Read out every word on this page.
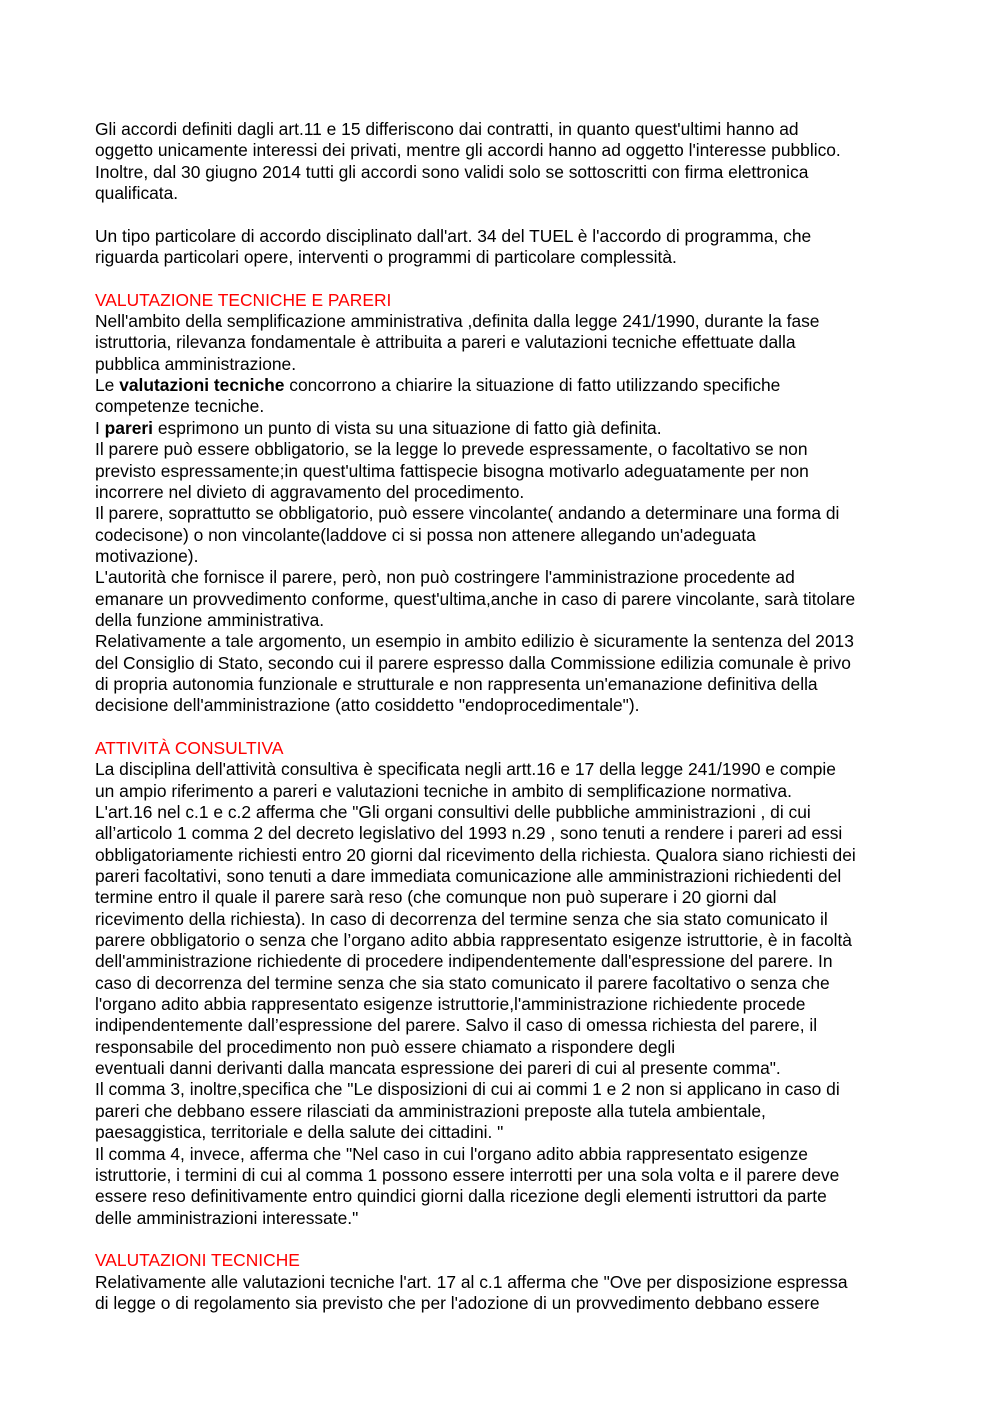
Gli accordi definiti dagli art.11 e 15 differiscono dai contratti, in quanto quest'ultimi hanno ad
oggetto unicamente interessi dei privati, mentre gli accordi hanno ad oggetto l'interesse pubblico.
Inoltre, dal 30 giugno 2014 tutti gli accordi sono validi solo se sottoscritti con firma elettronica
qualificata.
Un tipo particolare di accordo disciplinato dall'art. 34 del TUEL è l'accordo di programma, che
riguarda particolari opere, interventi o programmi di particolare complessità.
VALUTAZIONE TECNICHE E PARERI
Nell'ambito della semplificazione amministrativa ,definita dalla legge 241/1990, durante la fase
istruttoria, rilevanza fondamentale è attribuita a pareri e valutazioni tecniche effettuate dalla
pubblica amministrazione.
Le valutazioni tecniche concorrono a chiarire la situazione di fatto utilizzando specifiche
competenze tecniche.
I pareri esprimono un punto di vista su una situazione di fatto già definita.
Il parere può essere obbligatorio, se la legge lo prevede espressamente, o facoltativo se non
previsto espressamente;in quest'ultima fattispecie bisogna motivarlo adeguatamente per non
incorrere nel divieto di aggravamento del procedimento.
Il parere, soprattutto se obbligatorio, può essere vincolante( andando a determinare una forma di
codecisone) o non vincolante(laddove ci si possa non attenere allegando un'adeguata
motivazione).
L'autorità che fornisce il parere, però, non può costringere l'amministrazione procedente ad
emanare un provvedimento conforme, quest'ultima,anche in caso di parere vincolante, sarà titolare
della funzione amministrativa.
Relativamente a tale argomento, un esempio in ambito edilizio è sicuramente la sentenza del 2013
del Consiglio di Stato, secondo cui il parere espresso dalla Commissione edilizia comunale è privo
di propria autonomia funzionale e strutturale e non rappresenta un'emanazione definitiva della
decisione dell'amministrazione (atto cosiddetto "endoprocedimentale").
ATTIVITÀ CONSULTIVA
La disciplina dell'attività consultiva è specificata negli artt.16 e 17 della legge 241/1990 e compie
un ampio riferimento a pareri e valutazioni tecniche in ambito di semplificazione normativa.
L'art.16 nel c.1 e c.2 afferma che "Gli organi consultivi delle pubbliche amministrazioni , di cui
all’articolo 1 comma 2 del decreto legislativo del 1993 n.29 , sono tenuti a rendere i pareri ad essi
obbligatoriamente richiesti entro 20 giorni dal ricevimento della richiesta. Qualora siano richiesti dei
pareri facoltativi, sono tenuti a dare immediata comunicazione alle amministrazioni richiedenti del
termine entro il quale il parere sarà reso (che comunque non può superare i 20 giorni dal
ricevimento della richiesta). In caso di decorrenza del termine senza che sia stato comunicato il
parere obbligatorio o senza che l’organo adito abbia rappresentato esigenze istruttorie, è in facoltà
dell'amministrazione richiedente di procedere indipendentemente dall'espressione del parere. In
caso di decorrenza del termine senza che sia stato comunicato il parere facoltativo o senza che
l'organo adito abbia rappresentato esigenze istruttorie,l'amministrazione richiedente procede
indipendentemente dall’espressione del parere. Salvo il caso di omessa richiesta del parere, il
responsabile del procedimento non può essere chiamato a rispondere degli
eventuali danni derivanti dalla mancata espressione dei pareri di cui al presente comma".
Il comma 3, inoltre,specifica che "Le disposizioni di cui ai commi 1 e 2 non si applicano in caso di
pareri che debbano essere rilasciati da amministrazioni preposte alla tutela ambientale,
paesaggistica, territoriale e della salute dei cittadini. "
Il comma 4, invece, afferma che "Nel caso in cui l'organo adito abbia rappresentato esigenze
istruttorie, i termini di cui al comma 1 possono essere interrotti per una sola volta e il parere deve
essere reso definitivamente entro quindici giorni dalla ricezione degli elementi istruttori da parte
delle amministrazioni interessate."
VALUTAZIONI TECNICHE
Relativamente alle valutazioni tecniche l'art. 17 al c.1 afferma che "Ove per disposizione espressa
di legge o di regolamento sia previsto che per l'adozione di un provvedimento debbano essere
